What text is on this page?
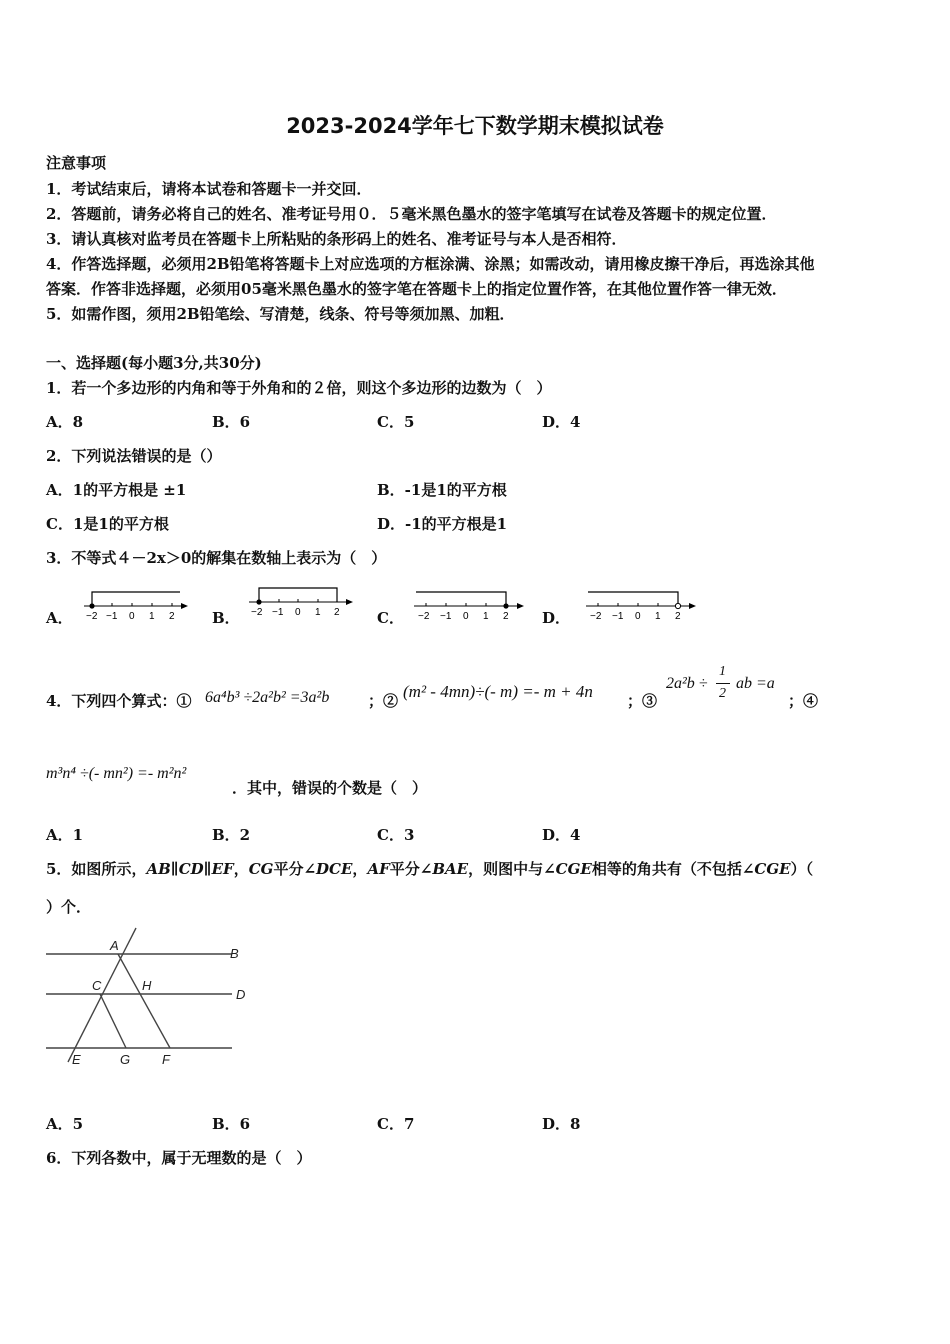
2023-2024学年七下数学期末模拟试卷
注意事项
1．考试结束后，请将本试卷和答题卡一并交回．
2．答题前，请务必将自己的姓名、准考证号用０．５毫米黑色墨水的签字笔填写在试卷及答题卡的规定位置．
3．请认真核对监考员在答题卡上所粘贴的条形码上的姓名、准考证号与本人是否相符．
4．作答选择题，必须用2B铅笔将答题卡上对应选项的方框涂满、涂黑；如需改动，请用橡皮擦干净后，再选涂其他
答案．作答非选择题，必须用05毫米黑色墨水的签字笔在答题卡上的指定位置作答，在其他位置作答一律无效．
5．如需作图，须用2B铅笔绘、写清楚，线条、符号等须加黑、加粗．
一、选择题(每小题3分,共30分)
1．若一个多边形的内角和等于外角和的２倍，则这个多边形的边数为（　）
A．8	B．6	C．5	D．4
2．下列说法错误的是（）
A．1的平方根是 ±1	B．-1是1的平方根
C．1是1的平方根	D．-1的平方根是1
3．不等式４－2x＞0的解集在数轴上表示为（　）
A．	B．	C．	D．
−2 −1 0 1 2	−2 −1 0 1 2	−2 −1 0 1 2	−2 −1 0 1 2
4．下列四个算式：① 6a⁴b³ ÷2a²b² =3a²b	；② (m² - 4mn)÷(- m) =- m + 4n ；③
2a²b ÷
1
2
ab =a
；④
m³n⁴ ÷(- mn²) =- m²n²
．其中，错误的个数是（　）
A．1	B．2	C．3	D．4
5．如图所示，AB∥CD∥EF，CG平分∠DCE，AF平分∠BAE，则图中与∠CGE相等的角共有（不包括∠CGE）（
）个．
A
B
C	H
D
E	G F
A．5	B．6	C．7	D．8
6．下列各数中，属于无理数的是（　）
